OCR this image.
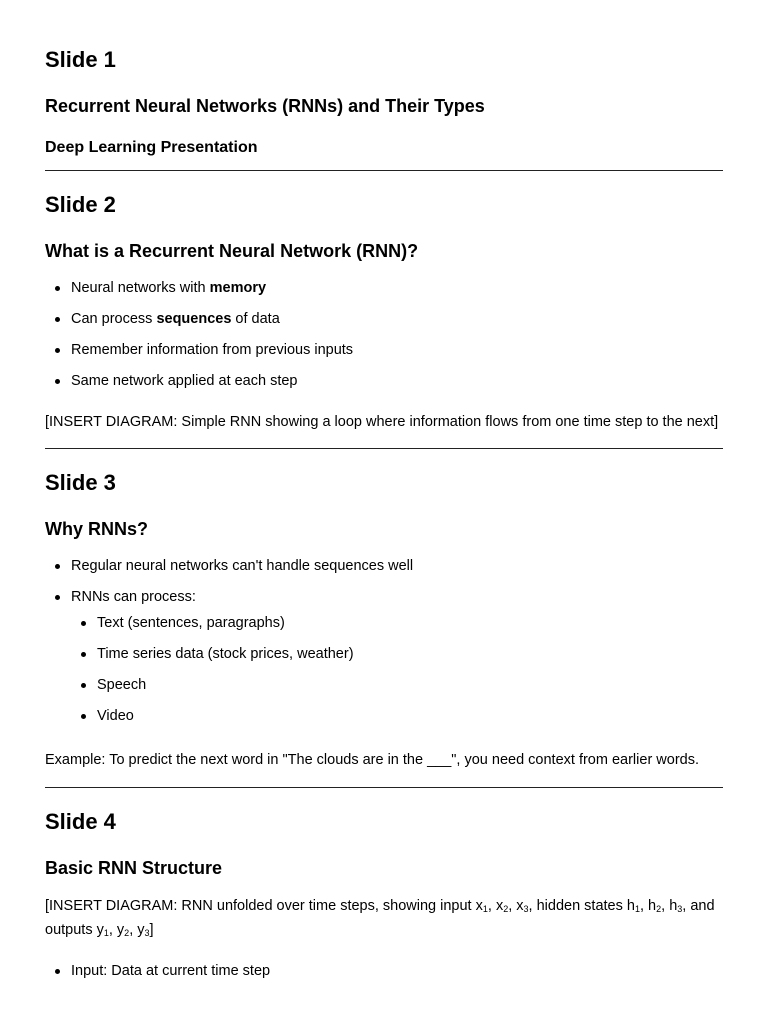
Slide 1
Recurrent Neural Networks (RNNs) and Their Types
Deep Learning Presentation
Slide 2
What is a Recurrent Neural Network (RNN)?
Neural networks with memory
Can process sequences of data
Remember information from previous inputs
Same network applied at each step

[INSERT DIAGRAM: Simple RNN showing a loop where information flows from one time step to the next]

Slide 3
Why RNNs?
Regular neural networks can't handle sequences well
RNNs can process:
Text (sentences, paragraphs)
Time series data (stock prices, weather)
Speech
Video

Example: To predict the next word in "The clouds are in the ___", you need context from earlier words.

Slide 4
Basic RNN Structure

[INSERT DIAGRAM: RNN unfolded over time steps, showing input $x_1$, $x_2$, $x_3$, hidden states $h_1$, $h_2$, $h_3$, and
outputs $y_1$, $y_2$, $y_3$]

Input: Data at current time step
